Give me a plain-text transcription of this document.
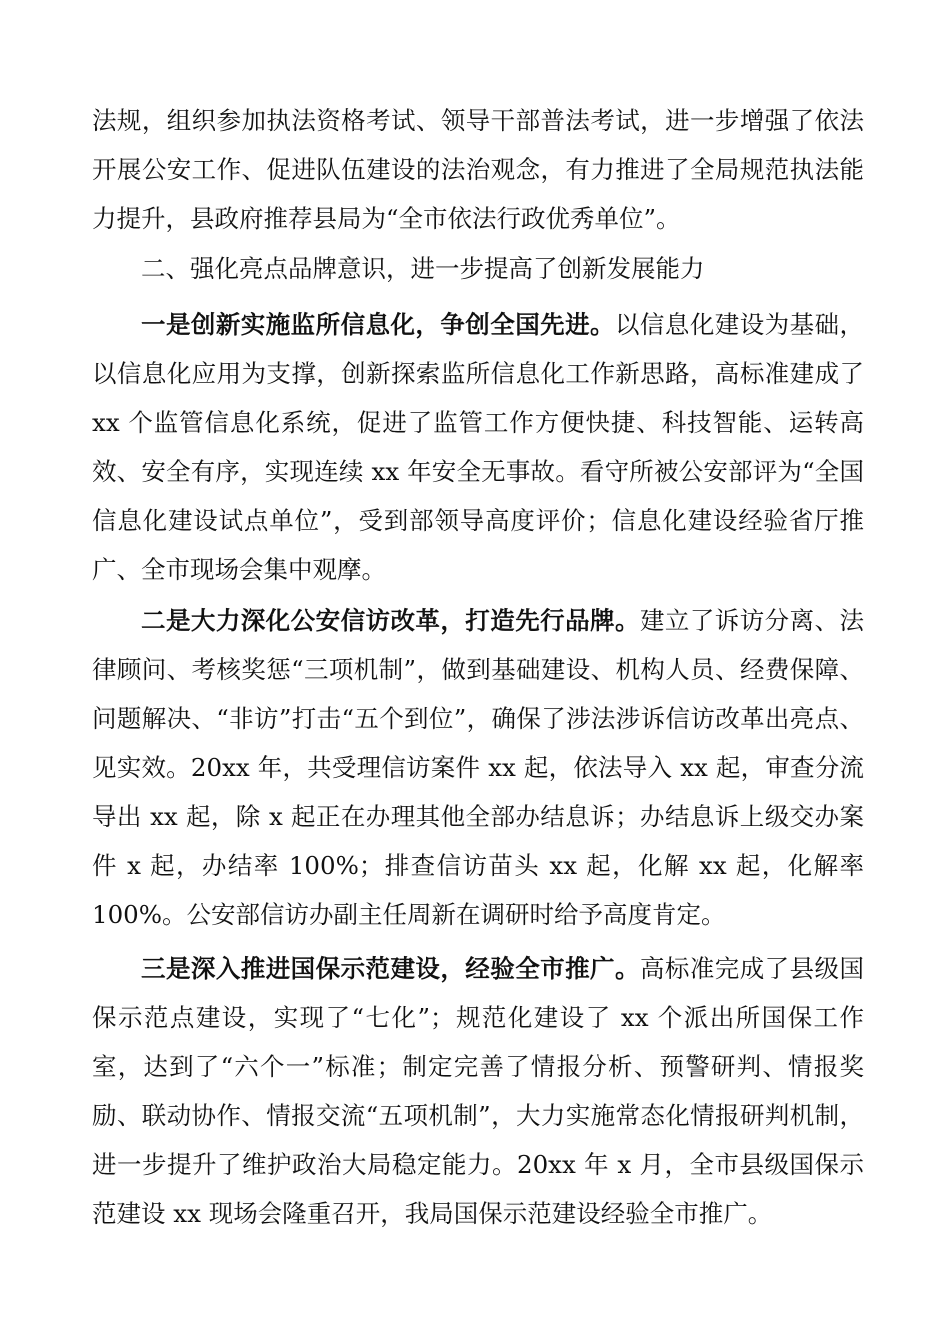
法规，组织参加执法资格考试、领导干部普法考试，进一步增强了依法开展公安工作、促进队伍建设的法治观念，有力推进了全局规范执法能力提升，县政府推荐县局为“全市依法行政优秀单位”。

二、强化亮点品牌意识，进一步提高了创新发展能力

一是创新实施监所信息化，争创全国先进。以信息化建设为基础，以信息化应用为支撑，创新探索监所信息化工作新思路，高标准建成了 xx 个监管信息化系统，促进了监管工作方便快捷、科技智能、运转高效、安全有序，实现连续 xx 年安全无事故。看守所被公安部评为“全国信息化建设试点单位”，受到部领导高度评价；信息化建设经验省厅推广、全市现场会集中观摩。

二是大力深化公安信访改革，打造先行品牌。建立了诉访分离、法律顾问、考核奖惩“三项机制”，做到基础建设、机构人员、经费保障、问题解决、“非访”打击“五个到位”，确保了涉法涉诉信访改革出亮点、见实效。20xx 年，共受理信访案件 xx 起，依法导入 xx 起，审查分流导出 xx 起，除 x 起正在办理其他全部办结息诉；办结息诉上级交办案件 x 起，办结率 100%；排查信访苗头 xx 起，化解 xx 起，化解率 100%。公安部信访办副主任周新在调研时给予高度肯定。

三是深入推进国保示范建设，经验全市推广。高标准完成了县级国保示范点建设，实现了“七化”；规范化建设了 xx 个派出所国保工作室，达到了“六个一”标准；制定完善了情报分析、预警研判、情报奖励、联动协作、情报交流“五项机制”，大力实施常态化情报研判机制，进一步提升了维护政治大局稳定能力。20xx 年 x 月，全市县级国保示范建设 xx 现场会隆重召开，我局国保示范建设经验全市推广。
